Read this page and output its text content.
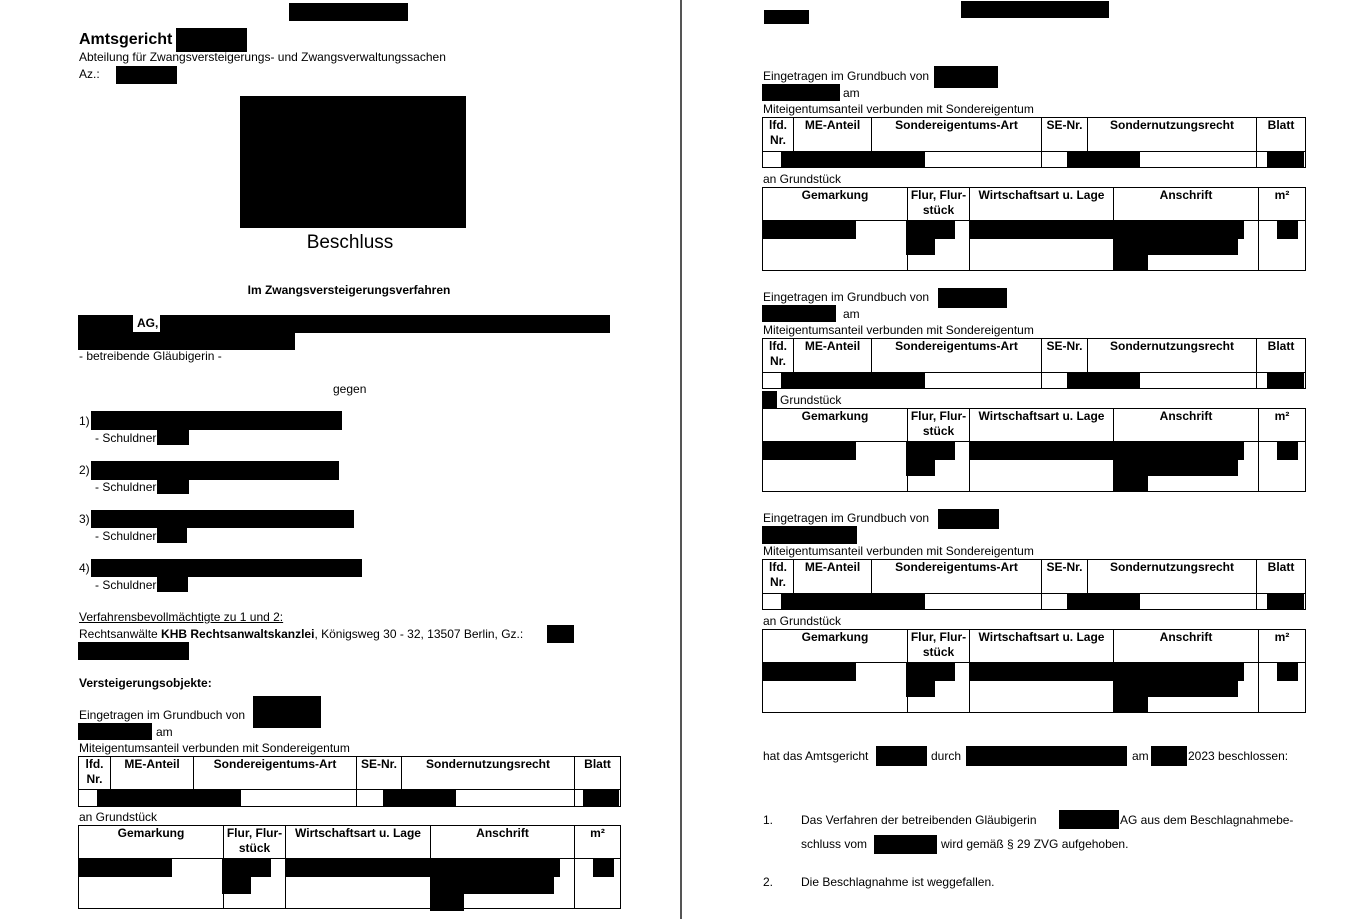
Amtsgericht
Abteilung für Zwangsversteigerungs- und Zwangsverwaltungssachen
Az.:
Beschluss
Im Zwangsversteigerungsverfahren
AG,
- betreibende Gläubigerin -
gegen
1)
- Schuldner
2)
- Schuldner
3)
- Schuldner
4)
- Schuldner
Verfahrensbevollmächtigte zu 1 und 2:
Rechtsanwälte KHB Rechtsanwaltskanzlei, Königsweg 30 - 32, 13507 Berlin, Gz.:
Versteigerungsobjekte:
Eingetragen im Grundbuch von
am
Miteigentumsanteil verbunden mit Sondereigentum
lfd. Nr.	ME-Anteil	Sondereigentums-Art	SE-Nr.	Sondernutzungsrecht	Blatt

an Grundstück
Gemarkung	Flur, Flur-stück	Wirtschaftsart u. Lage	Anschrift	m²

Eingetragen im Grundbuch von
am
Miteigentumsanteil verbunden mit Sondereigentum
lfd. Nr.	ME-Anteil	Sondereigentums-Art	SE-Nr.	Sondernutzungsrecht	Blatt

an Grundstück
Gemarkung	Flur, Flur-stück	Wirtschaftsart u. Lage	Anschrift	m²

Eingetragen im Grundbuch von
am
Miteigentumsanteil verbunden mit Sondereigentum
lfd. Nr.	ME-Anteil	Sondereigentums-Art	SE-Nr.	Sondernutzungsrecht	Blatt

Grundstück
Gemarkung	Flur, Flur-stück	Wirtschaftsart u. Lage	Anschrift	m²

Eingetragen im Grundbuch von
Miteigentumsanteil verbunden mit Sondereigentum
lfd. Nr.	ME-Anteil	Sondereigentums-Art	SE-Nr.	Sondernutzungsrecht	Blatt

an Grundstück
Gemarkung	Flur, Flur-stück	Wirtschaftsart u. Lage	Anschrift	m²

hat das Amtsgericht	durch	am	2023 beschlossen:
1. Das Verfahren der betreibenden Gläubigerin	AG aus dem Beschlagnahmebe-
schluss vom	wird gemäß § 29 ZVG aufgehoben.
2. Die Beschlagnahme ist weggefallen.
